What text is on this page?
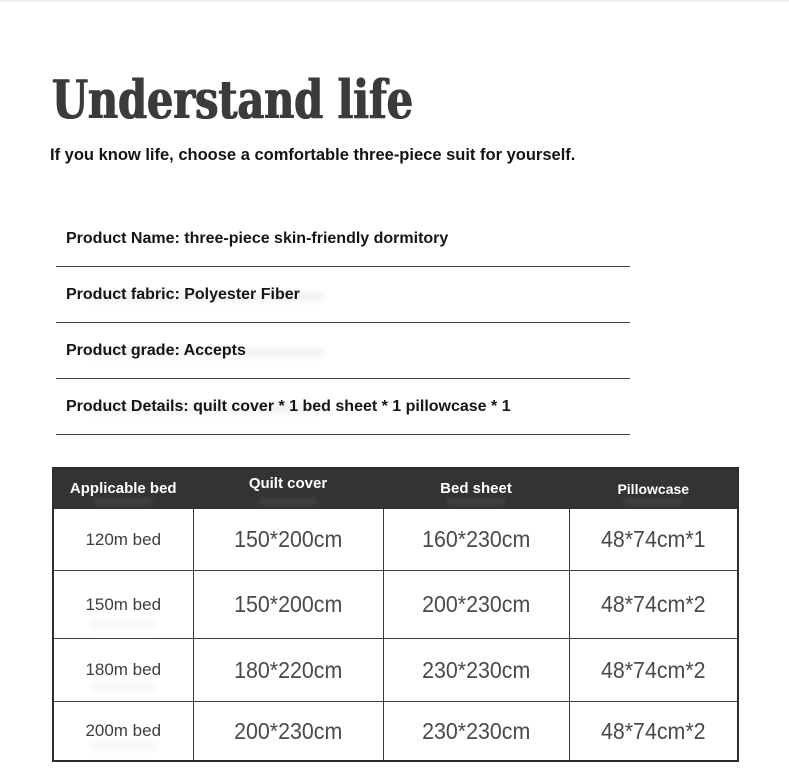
Understand life

If you know life, choose a comfortable three-piece suit for yourself.

Product Name: three-piece skin-friendly dormitory

Product fabric: Polyester Fiber

Product grade: Accepts

Product Details: quilt cover * 1 bed sheet * 1 pillowcase * 1

Applicable bed	Quilt cover	Bed sheet	Pillowcase

120m bed	150*200cm	160*230cm	48*74cm*1
150m bed	150*200cm	200*230cm	48*74cm*2
180m bed	180*220cm	230*230cm	48*74cm*2
200m bed	200*230cm	230*230cm	48*74cm*2
